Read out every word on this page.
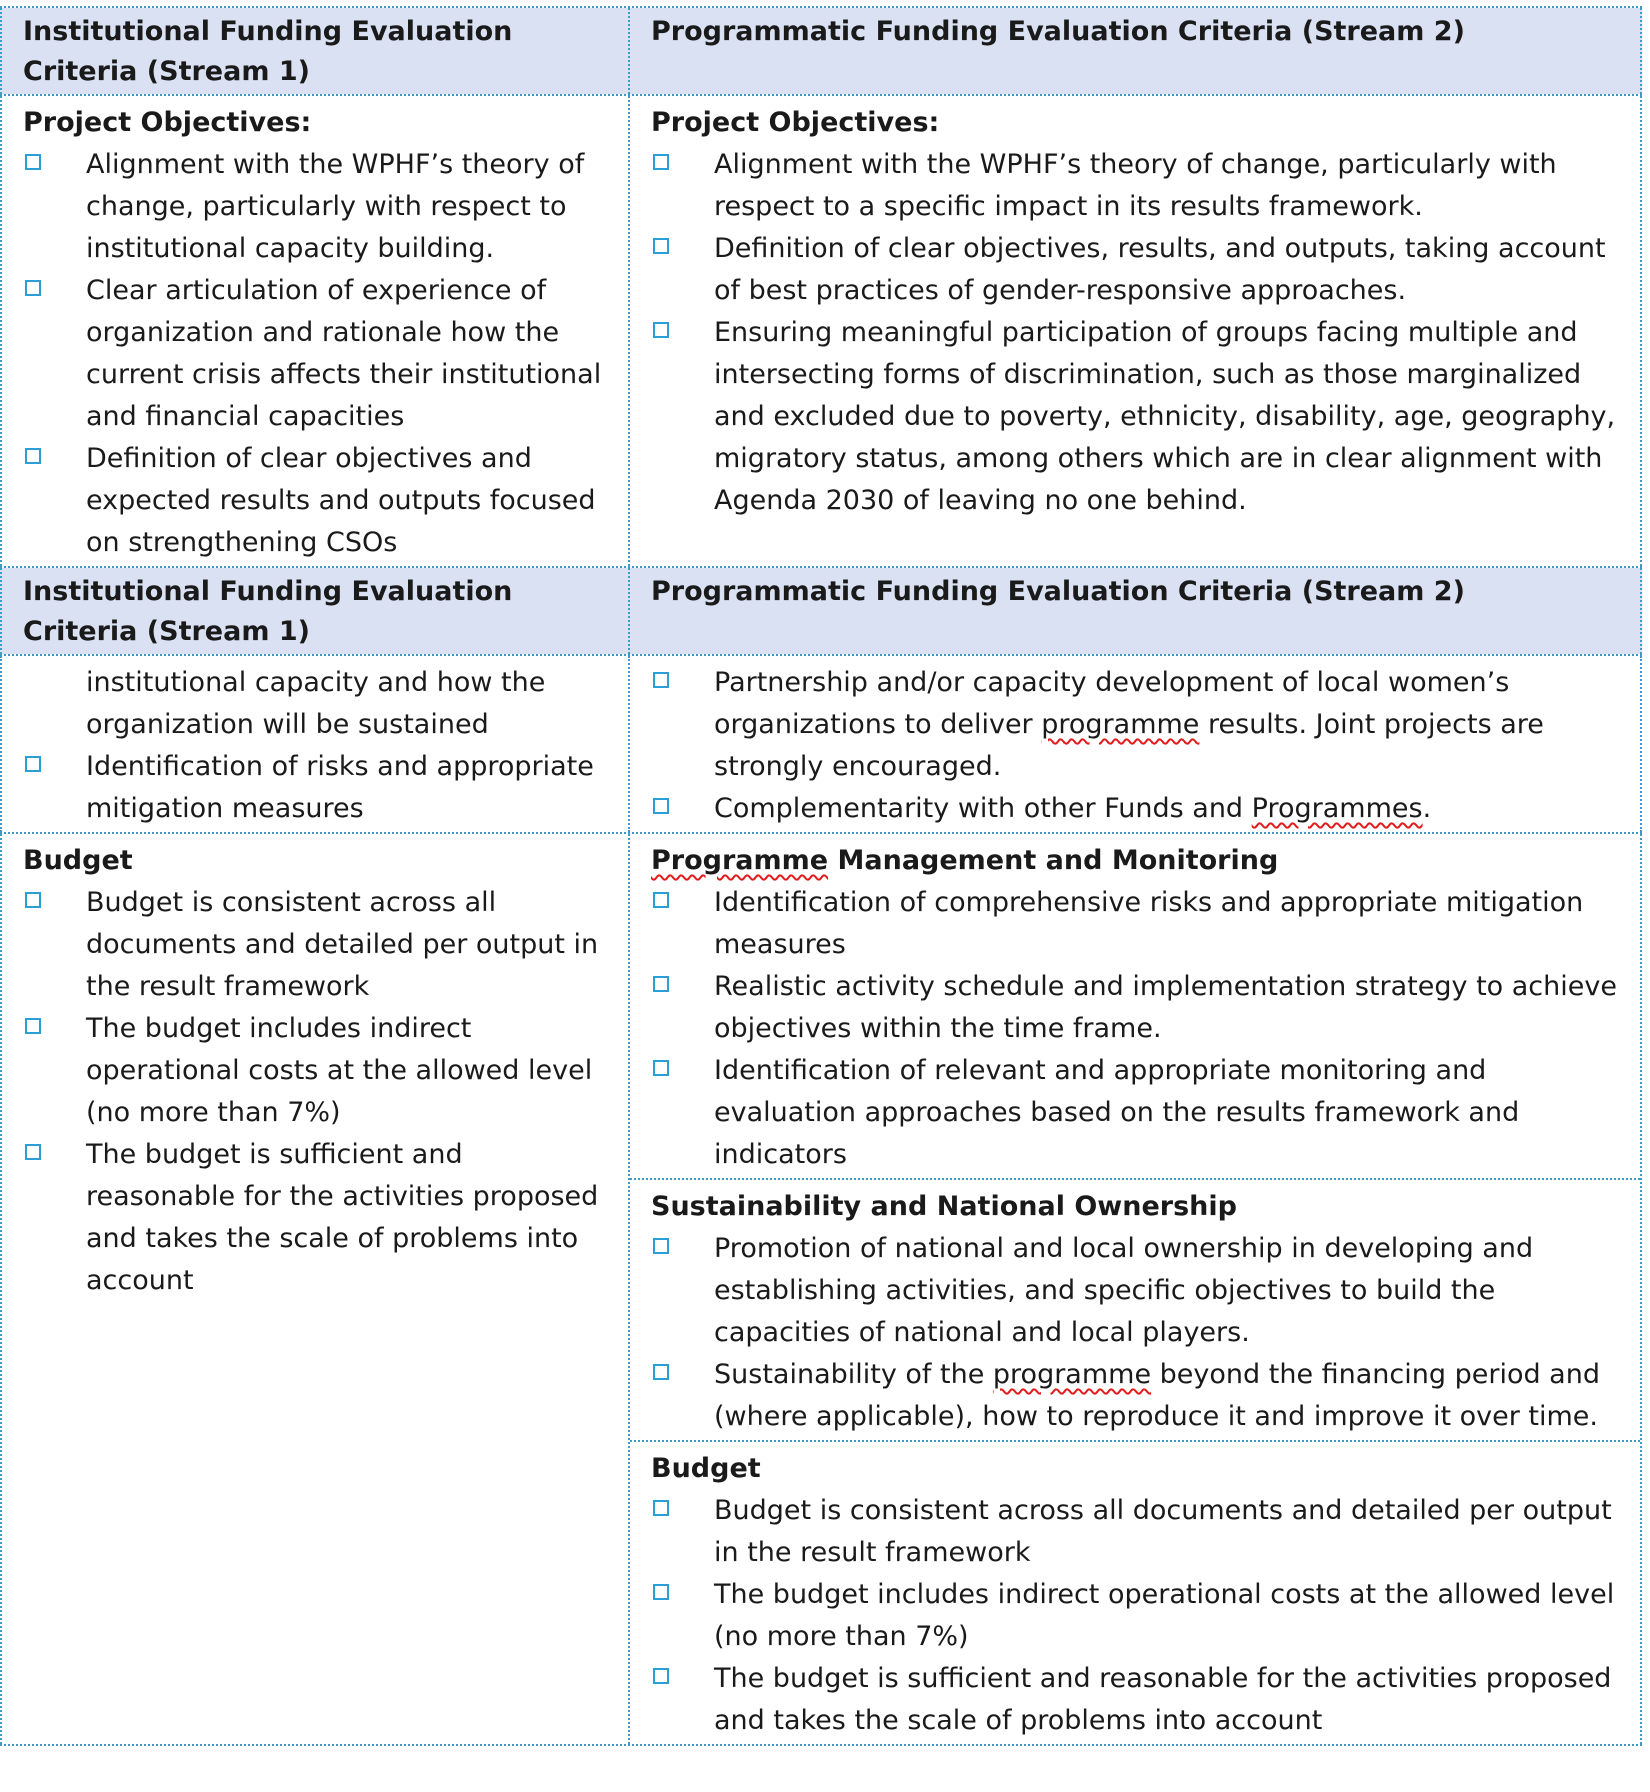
Institutional Funding Evaluation Criteria (Stream 1)
Programmatic Funding Evaluation Criteria (Stream 2)
Project Objectives:
Alignment with the WPHF’s theory of change, particularly with respect to institutional capacity building.
Clear articulation of experience of organization and rationale how the current crisis affects their institutional and financial capacities
Definition of clear objectives and expected results and outputs focused on strengthening CSOs
Project Objectives:
Alignment with the WPHF’s theory of change, particularly with respect to a specific impact in its results framework.
Definition of clear objectives, results, and outputs, taking account of best practices of gender-responsive approaches.
Ensuring meaningful participation of groups facing multiple and intersecting forms of discrimination, such as those marginalized and excluded due to poverty, ethnicity, disability, age, geography, migratory status, among others which are in clear alignment with Agenda 2030 of leaving no one behind.
Institutional Funding Evaluation Criteria (Stream 1)
Programmatic Funding Evaluation Criteria (Stream 2)
institutional capacity and how the organization will be sustained
Identification of risks and appropriate mitigation measures
Partnership and/or capacity development of local women’s organizations to deliver programme results. Joint projects are strongly encouraged.
Complementarity with other Funds and Programmes.
Budget
Budget is consistent across all documents and detailed per output in the result framework
The budget includes indirect operational costs at the allowed level (no more than 7%)
The budget is sufficient and reasonable for the activities proposed and takes the scale of problems into account
Programme Management and Monitoring
Identification of comprehensive risks and appropriate mitigation measures
Realistic activity schedule and implementation strategy to achieve objectives within the time frame.
Identification of relevant and appropriate monitoring and evaluation approaches based on the results framework and indicators
Sustainability and National Ownership
Promotion of national and local ownership in developing and establishing activities, and specific objectives to build the capacities of national and local players.
Sustainability of the programme beyond the financing period and (where applicable), how to reproduce it and improve it over time.
Budget
Budget is consistent across all documents and detailed per output in the result framework
The budget includes indirect operational costs at the allowed level (no more than 7%)
The budget is sufficient and reasonable for the activities proposed and takes the scale of problems into account
